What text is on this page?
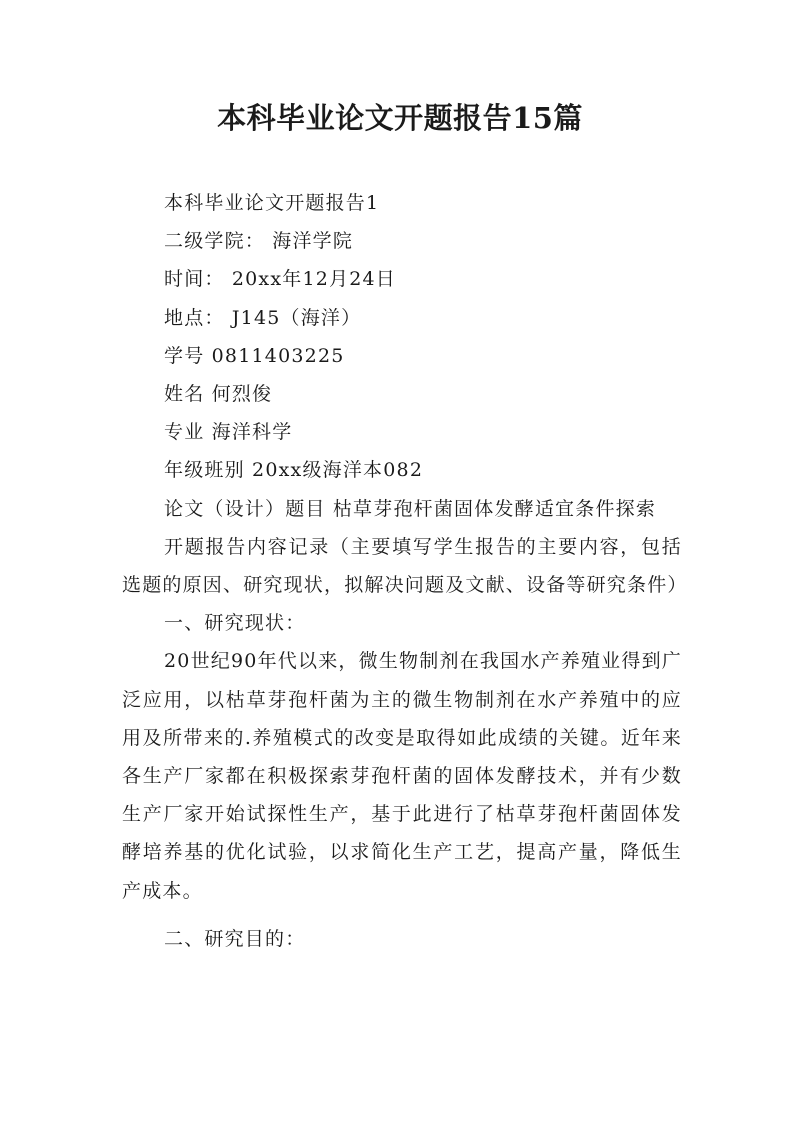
本科毕业论文开题报告15篇

本科毕业论文开题报告1

二级学院： 海洋学院

时间： 20xx年12月24日

地点： J145（海洋）

学号 0811403225

姓名 何烈俊

专业 海洋科学

年级班别 20xx级海洋本082

论文（设计）题目 枯草芽孢杆菌固体发酵适宜条件探索

开题报告内容记录（主要填写学生报告的主要内容，包括选题的原因、研究现状，拟解决问题及文献、设备等研究条件）

一、研究现状：

20世纪90年代以来，微生物制剂在我国水产养殖业得到广泛应用，以枯草芽孢杆菌为主的微生物制剂在水产养殖中的应用及所带来的.养殖模式的改变是取得如此成绩的关键。近年来各生产厂家都在积极探索芽孢杆菌的固体发酵技术，并有少数生产厂家开始试探性生产，基于此进行了枯草芽孢杆菌固体发酵培养基的优化试验，以求简化生产工艺，提高产量，降低生产成本。

二、研究目的：
